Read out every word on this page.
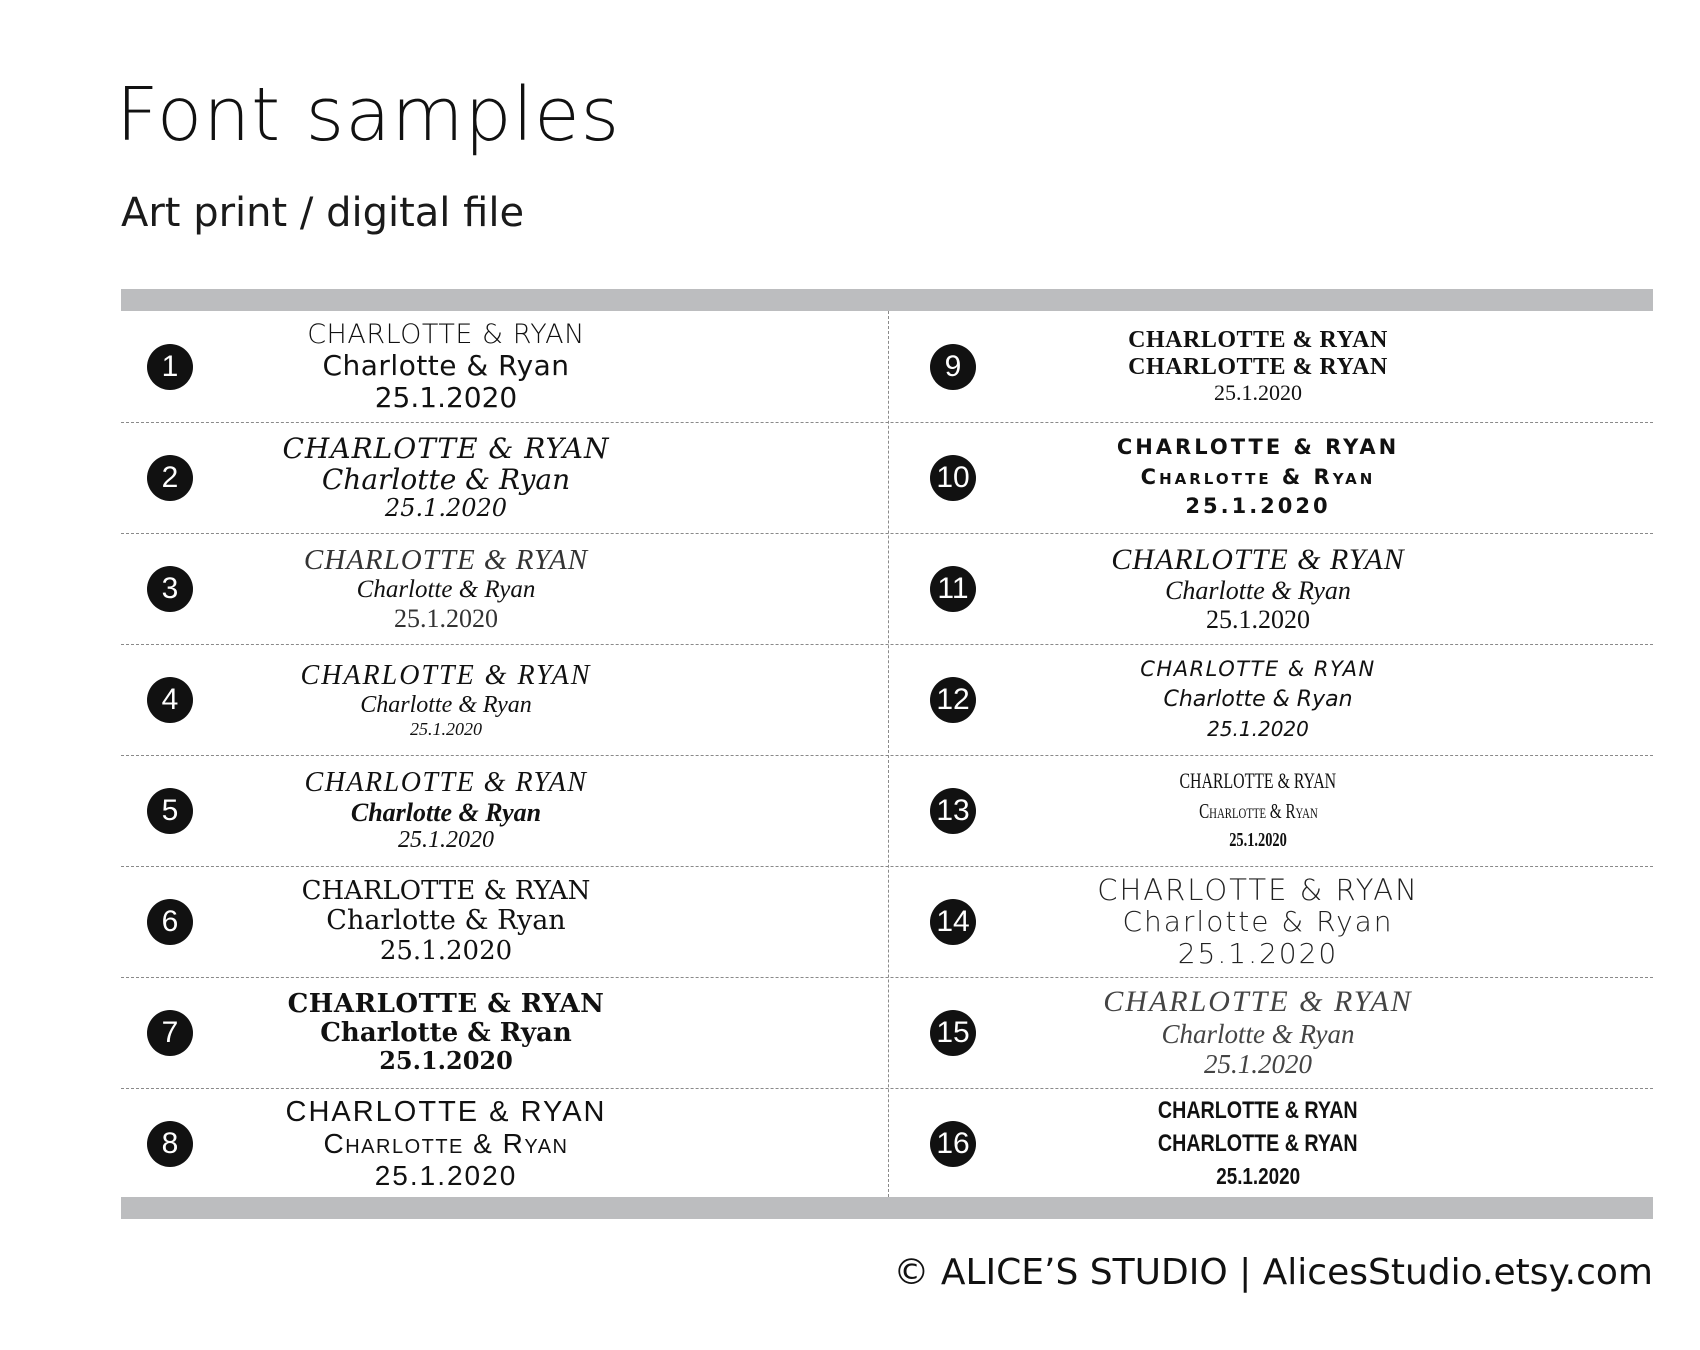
Font samples
Art print / digital file
1
CHARLOTTE & RYAN
Charlotte & Ryan
25.1.2020
2
CHARLOTTE & RYAN
Charlotte & Ryan
25.1.2020
3
CHARLOTTE & RYAN
Charlotte & Ryan
25.1.2020
4
CHARLOTTE & RYAN
Charlotte & Ryan
25.1.2020
5
CHARLOTTE & RYAN
Charlotte & Ryan
25.1.2020
6
CHARLOTTE & RYAN
Charlotte & Ryan
25.1.2020
7
CHARLOTTE & RYAN
Charlotte & Ryan
25.1.2020
8
CHARLOTTE & RYAN
Charlotte & Ryan
25.1.2020
9
CHARLOTTE & RYAN
CHARLOTTE & RYAN
25.1.2020
10
CHARLOTTE & RYAN
Charlotte & Ryan
25.1.2020
11
CHARLOTTE & RYAN
Charlotte & Ryan
25.1.2020
12
CHARLOTTE & RYAN
Charlotte & Ryan
25.1.2020
13
CHARLOTTE & RYAN
Charlotte & Ryan
25.1.2020
14
CHARLOTTE & RYAN
Charlotte & Ryan
25.1.2020
15
CHARLOTTE & RYAN
Charlotte & Ryan
25.1.2020
16
CHARLOTTE & RYAN
CHARLOTTE & RYAN
25.1.2020
© ALICE’S STUDIO | AlicesStudio.etsy.com
